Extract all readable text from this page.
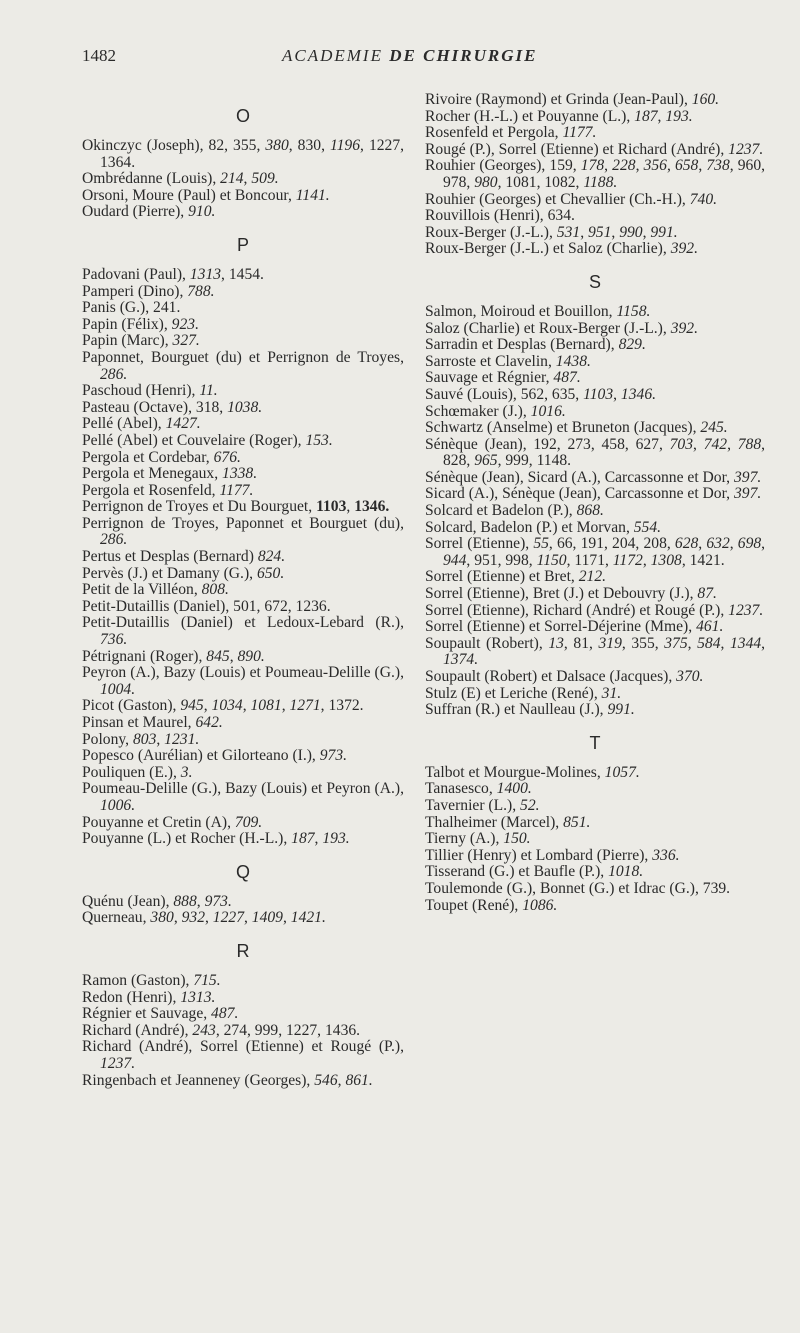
1482	ACADEMIE DE CHIRURGIE
O
Okinczyc (Joseph), 82, 355, 380, 830, 1196, 1227, 1364.
Ombrédanne (Louis), 214, 509.
Orsoni, Moure (Paul) et Boncour, 1141.
Oudard (Pierre), 910.
P
Padovani (Paul), 1313, 1454.
Pamperi (Dino), 788.
Panis (G.), 241.
Papin (Félix), 923.
Papin (Marc), 327.
Paponnet, Bourguet (du) et Perrignon de Troyes, 286.
Paschoud (Henri), 11.
Pasteau (Octave), 318, 1038.
Pellé (Abel), 1427.
Pellé (Abel) et Couvelaire (Roger), 153.
Pergola et Cordebar, 676.
Pergola et Menegaux, 1338.
Pergola et Rosenfeld, 1177.
Perrignon de Troyes et Du Bourguet, 1103, 1346.
Perrignon de Troyes, Paponnet et Bourguet (du), 286.
Pertus et Desplas (Bernard) 824.
Pervès (J.) et Damany (G.), 650.
Petit de la Villéon, 808.
Petit-Dutaillis (Daniel), 501, 672, 1236.
Petit-Dutaillis (Daniel) et Ledoux-Lebard (R.), 736.
Pétrignani (Roger), 845, 890.
Peyron (A.), Bazy (Louis) et Poumeau-Delille (G.), 1004.
Picot (Gaston), 945, 1034, 1081, 1271, 1372.
Pinsan et Maurel, 642.
Polony, 803, 1231.
Popesco (Aurélian) et Gilorteano (I.), 973.
Pouliquen (E.), 3.
Poumeau-Delille (G.), Bazy (Louis) et Peyron (A.), 1006.
Pouyanne et Cretin (A), 709.
Pouyanne (L.) et Rocher (H.-L.), 187, 193.
Q
Quénu (Jean), 888, 973.
Querneau, 380, 932, 1227, 1409, 1421.
R
Ramon (Gaston), 715.
Redon (Henri), 1313.
Régnier et Sauvage, 487.
Richard (André), 243, 274, 999, 1227, 1436.
Richard (André), Sorrel (Etienne) et Rougé (P.), 1237.
Ringenbach et Jeanneney (Georges), 546, 861.
Rivoire (Raymond) et Grinda (Jean-Paul), 160.
Rocher (H.-L.) et Pouyanne (L.), 187, 193.
Rosenfeld et Pergola, 1177.
Rougé (P.), Sorrel (Etienne) et Richard (André), 1237.
Rouhier (Georges), 159, 178, 228, 356, 658, 738, 960, 978, 980, 1081, 1082, 1188.
Rouhier (Georges) et Chevallier (Ch.-H.), 740.
Rouvillois (Henri), 634.
Roux-Berger (J.-L.), 531, 951, 990, 991.
Roux-Berger (J.-L.) et Saloz (Charlie), 392.
S
Salmon, Moiroud et Bouillon, 1158.
Saloz (Charlie) et Roux-Berger (J.-L.), 392.
Sarradin et Desplas (Bernard), 829.
Sarroste et Clavelin, 1438.
Sauvage et Régnier, 487.
Sauvé (Louis), 562, 635, 1103, 1346.
Schœmaker (J.), 1016.
Schwartz (Anselme) et Bruneton (Jacques), 245.
Sénèque (Jean), 192, 273, 458, 627, 703, 742, 788, 828, 965, 999, 1148.
Sénèque (Jean), Sicard (A.), Carcassonne et Dor, 397.
Sicard (A.), Sénèque (Jean), Carcassonne et Dor, 397.
Solcard et Badelon (P.), 868.
Solcard, Badelon (P.) et Morvan, 554.
Sorrel (Etienne), 55, 66, 191, 204, 208, 628, 632, 698, 944, 951, 998, 1150, 1171, 1172, 1308, 1421.
Sorrel (Etienne) et Bret, 212.
Sorrel (Etienne), Bret (J.) et Debouvry (J.), 87.
Sorrel (Etienne), Richard (André) et Rougé (P.), 1237.
Sorrel (Etienne) et Sorrel-Déjerine (Mme), 461.
Soupault (Robert), 13, 81, 319, 355, 375, 584, 1344, 1374.
Soupault (Robert) et Dalsace (Jacques), 370.
Stulz (E) et Leriche (René), 31.
Suffran (R.) et Naulleau (J.), 991.
T
Talbot et Mourgue-Molines, 1057.
Tanasesco, 1400.
Tavernier (L.), 52.
Thalheimer (Marcel), 851.
Tierny (A.), 150.
Tillier (Henry) et Lombard (Pierre), 336.
Tisserand (G.) et Baufle (P.), 1018.
Toulemonde (G.), Bonnet (G.) et Idrac (G.), 739.
Toupet (René), 1086.
